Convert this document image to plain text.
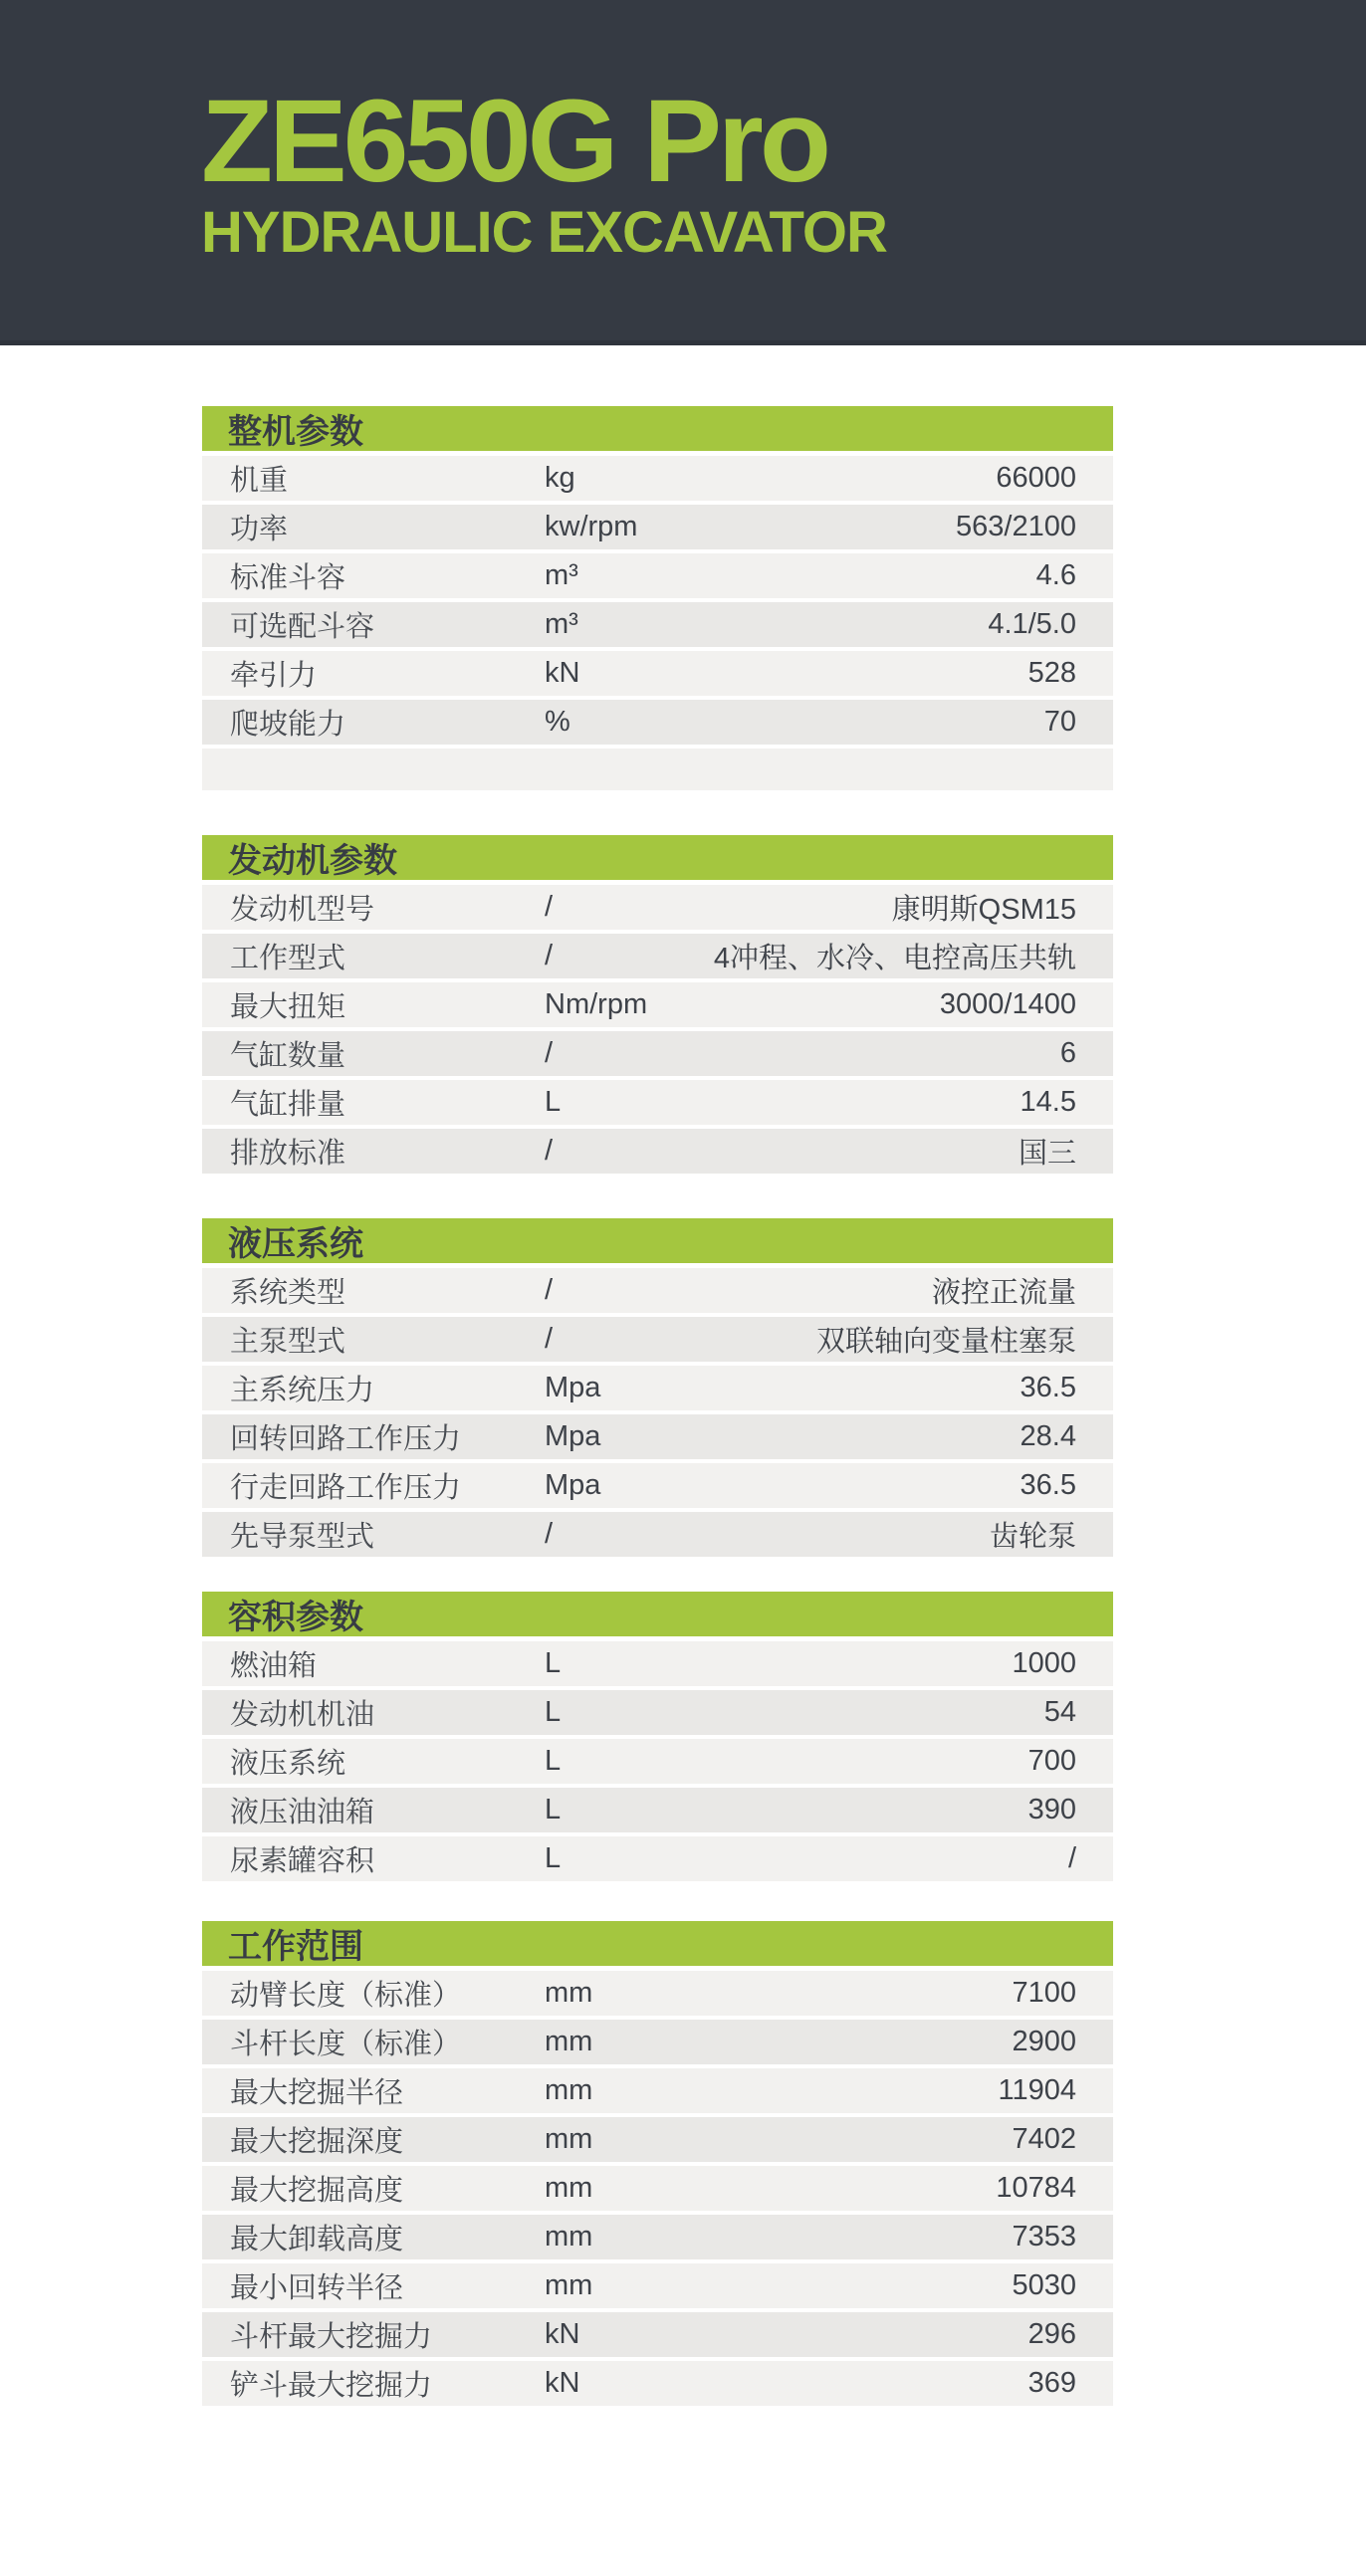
ZE650G Pro
HYDRAULIC EXCAVATOR
整机参数
机重	kg	66000
功率	kw/rpm	563/2100
标准斗容	m³	4.6
可选配斗容	m³	4.1/5.0
牵引力	kN	528
爬坡能力	%	70
发动机参数
发动机型号	/	康明斯QSM15
工作型式	/	4冲程、水冷、电控高压共轨
最大扭矩	Nm/rpm	3000/1400
气缸数量	/	6
气缸排量	L	14.5
排放标准	/	国三
液压系统
系统类型	/	液控正流量
主泵型式	/	双联轴向变量柱塞泵
主系统压力	Mpa	36.5
回转回路工作压力	Mpa	28.4
行走回路工作压力	Mpa	36.5
先导泵型式	/	齿轮泵
容积参数
燃油箱	L	1000
发动机机油	L	54
液压系统	L	700
液压油油箱	L	390
尿素罐容积	L	/
工作范围
动臂长度（标准）	mm	7100
斗杆长度（标准）	mm	2900
最大挖掘半径	mm	11904
最大挖掘深度	mm	7402
最大挖掘高度	mm	10784
最大卸载高度	mm	7353
最小回转半径	mm	5030
斗杆最大挖掘力	kN	296
铲斗最大挖掘力	kN	369
